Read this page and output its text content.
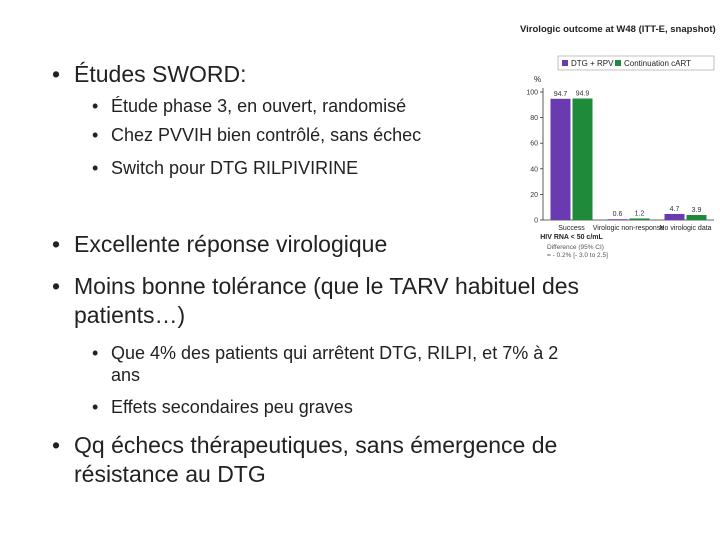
• Études SWORD:
• Étude phase 3, en ouvert, randomisé
• Chez PVVIH bien contrôlé, sans échec
• Switch pour DTG RILPIVIRINE
• Excellente réponse virologique
• Moins bonne tolérance (que le TARV habituel des
patients…)
• Que 4% des patients qui arrêtent DTG, RILPI, et 7% à 2
ans
• Effets secondaires peu graves
• Qq échecs thérapeutiques, sans émergence de
résistance au DTG
Virologic outcome at W48 (ITT-E, snapshot)
DTG + RPV Continuation cART
%
0
20
40
60
80
100 94.7 94.9
Success
HIV RNA < 50 c/mL
0.6 1.2
Virologic non-response
4.7 3.9
No virologic data
Difference (95% CI)
= - 0.2% [- 3.0 to 2.5]
